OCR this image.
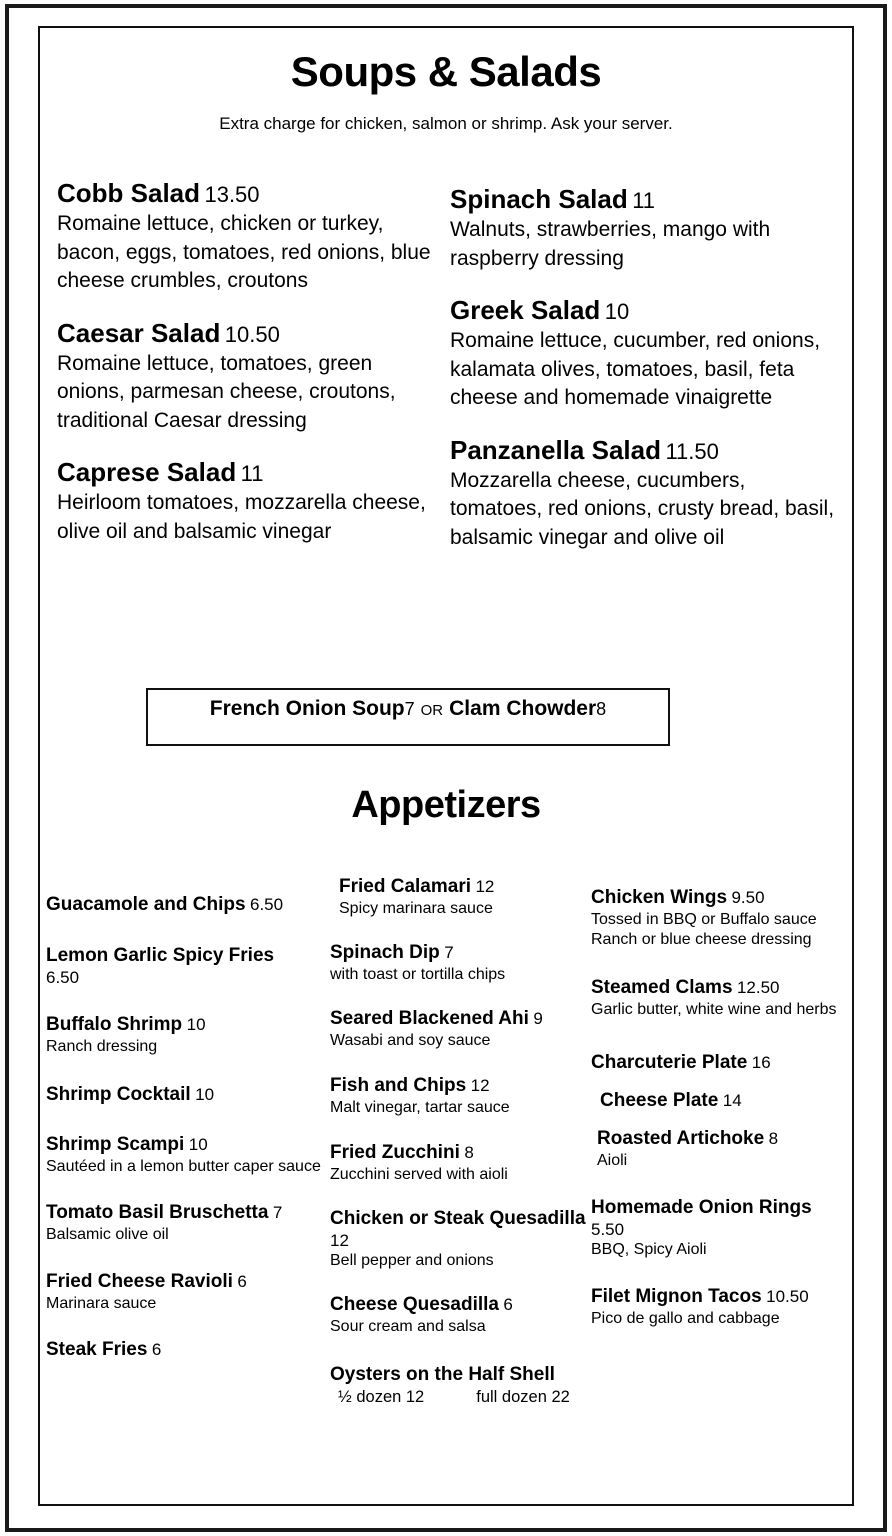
Soups & Salads
Extra charge for chicken, salmon or shrimp. Ask your server.
Cobb Salad 13.50
Romaine lettuce, chicken or turkey, bacon, eggs, tomatoes, red onions, blue cheese crumbles, croutons
Caesar Salad 10.50
Romaine lettuce, tomatoes, green onions, parmesan cheese, croutons, traditional Caesar dressing
Caprese Salad 11
Heirloom tomatoes, mozzarella cheese, olive oil and balsamic vinegar
Spinach Salad 11
Walnuts, strawberries, mango with raspberry dressing
Greek Salad 10
Romaine lettuce, cucumber, red onions, kalamata olives, tomatoes, basil, feta cheese and homemade vinaigrette
Panzanella Salad 11.50
Mozzarella cheese, cucumbers, tomatoes, red onions, crusty bread, basil, balsamic vinegar and olive oil
French Onion Soup7 OR Clam Chowder8
Appetizers
Guacamole and Chips 6.50
Lemon Garlic Spicy Fries
6.50
Buffalo Shrimp 10
Ranch dressing
Shrimp Cocktail 10
Shrimp Scampi 10
Sautéed in a lemon butter caper sauce
Tomato Basil Bruschetta 7
Balsamic olive oil
Fried Cheese Ravioli 6
Marinara sauce
Steak Fries 6
Fried Calamari 12
Spicy marinara sauce
Spinach Dip 7
with toast or tortilla chips
Seared Blackened Ahi 9
Wasabi and soy sauce
Fish and Chips 12
Malt vinegar, tartar sauce
Fried Zucchini 8
Zucchini served with aioli
Chicken or Steak Quesadilla 12
Bell pepper and onions
Cheese Quesadilla 6
Sour cream and salsa
Oysters on the Half Shell
½ dozen 12	full dozen 22
Chicken Wings 9.50
Tossed in BBQ or Buffalo sauce
Ranch or blue cheese dressing
Steamed Clams 12.50
Garlic butter, white wine and herbs
Charcuterie Plate 16
Cheese Plate 14
Roasted Artichoke 8
Aioli
Homemade Onion Rings
5.50
BBQ, Spicy Aioli
Filet Mignon Tacos 10.50
Pico de gallo and cabbage
